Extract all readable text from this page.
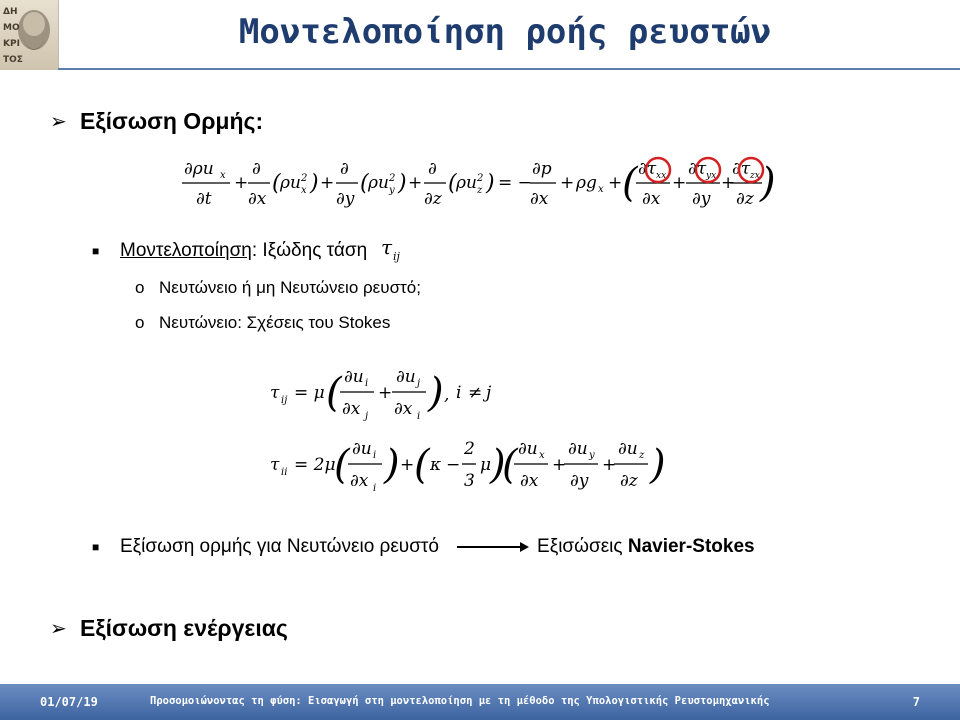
ΔΗ
ΜΟ
ΚΡΙ
ΤΟΣ
Μοντελοποίηση ροής ρευστών
➢ Εξίσωση Ορμής:
∂ρu x
∂t
+
∂
∂x
( ρu 2
x ) +
∂
∂y
( ρu 2
y ) +
∂
∂z
( ρu 2
z ) = −
∂p
∂x
+ ρg x + ( ∂τ xx
∂x
+
∂τ yx
∂y
+
∂τ zx
∂z )
■	Μοντελοποίηση : Ιξώδης τάση τ ij
o Νευτώνειο ή μη Νευτώνειο ρευστό;
o Νευτώνειο: Σχέσεις του Stokes
τ ij = μ ( ∂u i
∂x j
+
∂u j
∂x i
) , i ≠ j
τ ii = 2μ
( ∂u i
∂x i
) + ( κ −
2
3
μ
)
( ∂u x
∂x
+
∂u y
∂y
+
∂u z
∂z )
■	Εξίσωση ορμής για Νευτώνειο ρευστό	Εξισώσεις Navier-Stokes
➢ Εξίσωση ενέργειας
01/07/19	Προσομοιώνοντας τη φύση: Εισαγωγή στη μοντελοποίηση με τη μέθοδο της Υπολογιστικής Ρευστομηχανικής	7
